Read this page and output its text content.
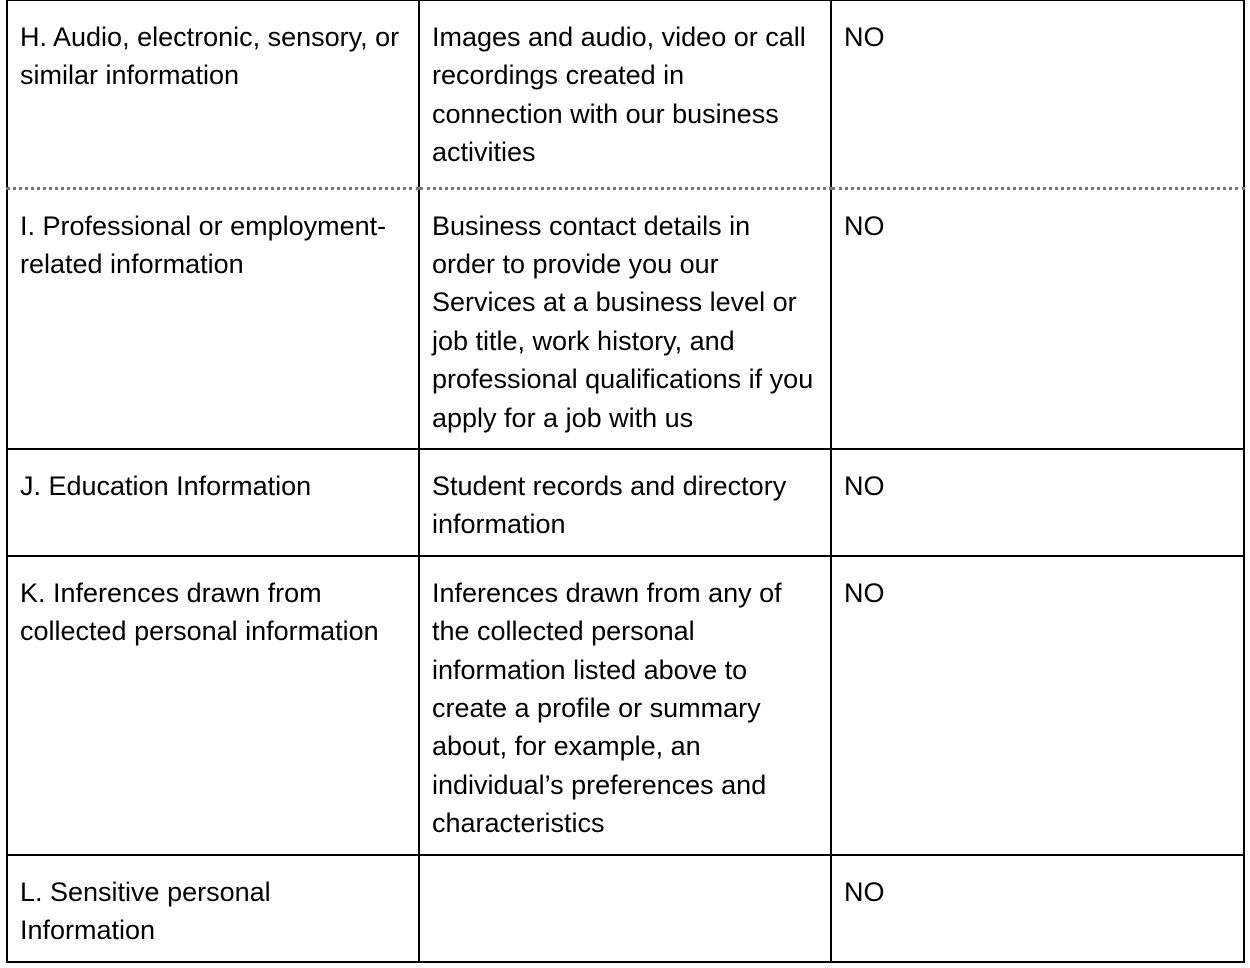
H. Audio, electronic, sensory, or similar information	Images and audio, video or call recordings created in connection with our business activities	NO

I. Professional or employment-related information	Business contact details in order to provide you our Services at a business level or job title, work history, and professional qualifications if you apply for a job with us	NO

J. Education Information	Student records and directory information	NO

K. Inferences drawn from collected personal information	Inferences drawn from any of the collected personal information listed above to create a profile or summary about, for example, an individual’s preferences and characteristics	NO

L. Sensitive personal Information		NO
